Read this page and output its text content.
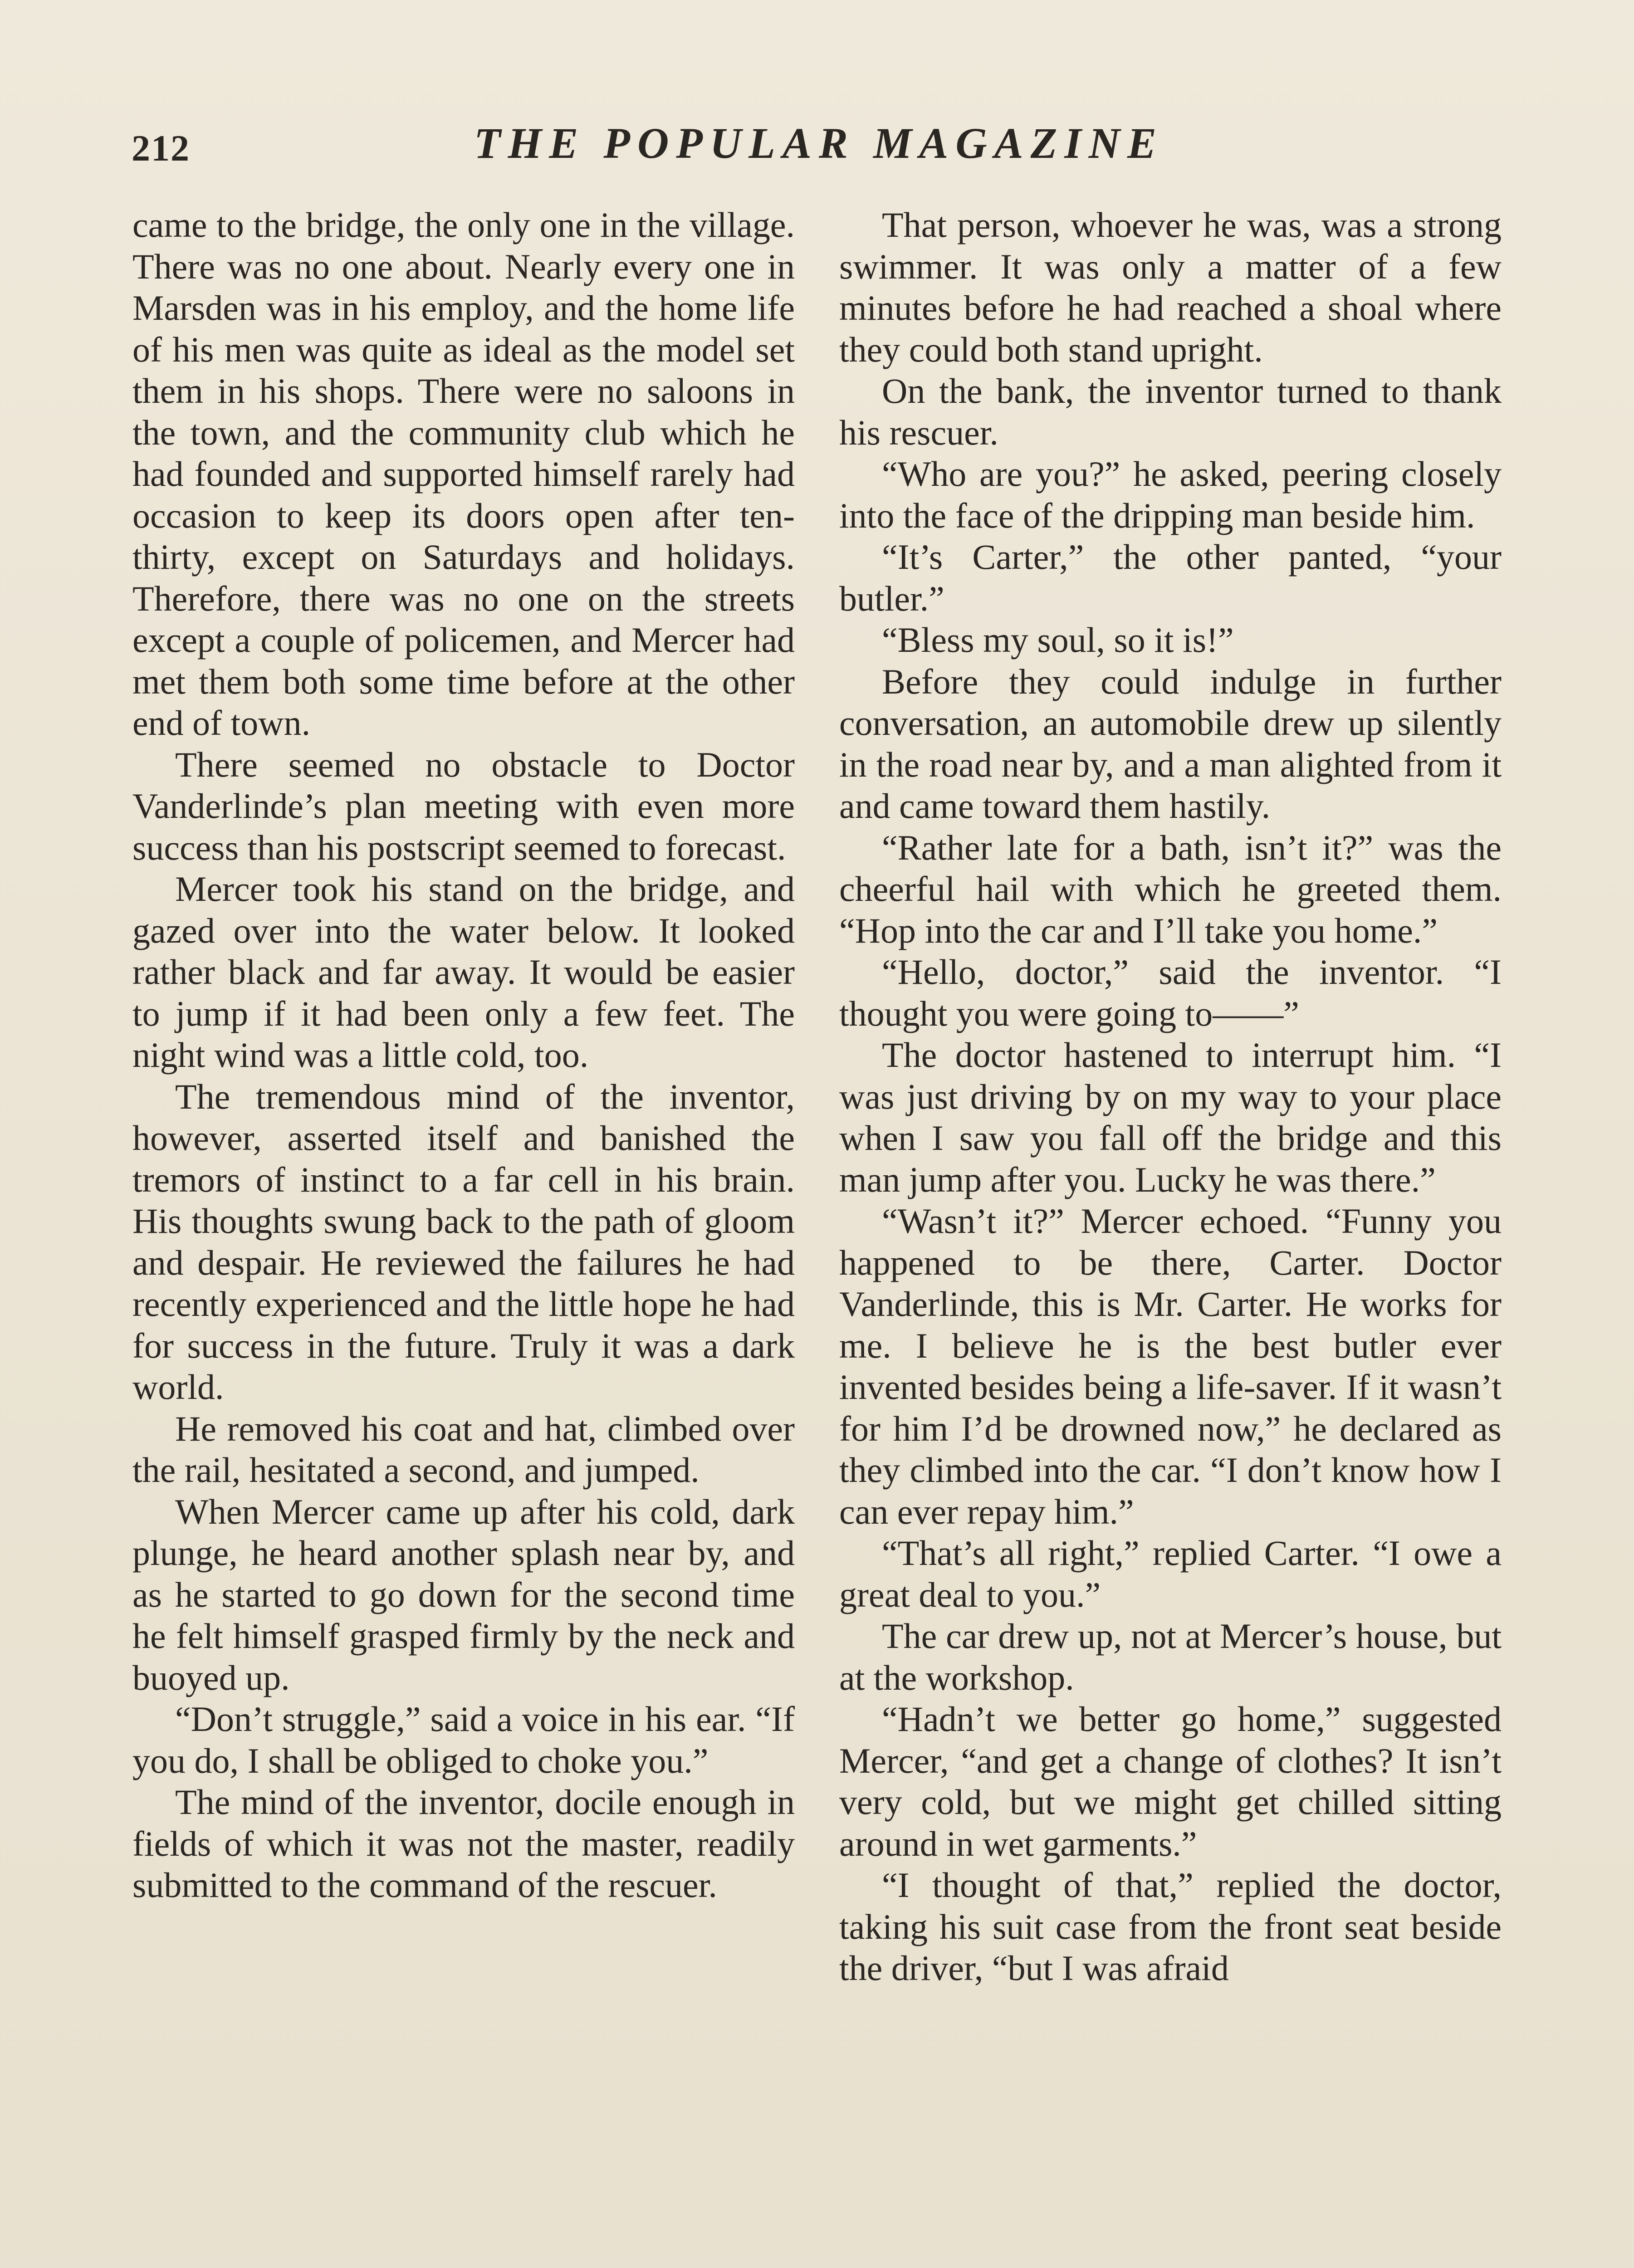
212	THE POPULAR MAGAZINE

came to the bridge, the only one in the village. There was no one about. Nearly every one in Marsden was in his employ, and the home life of his men was quite as ideal as the model set them in his shops. There were no saloons in the town, and the community club which he had founded and supported himself rarely had occasion to keep its doors open after ten-thirty, except on Saturdays and holidays. Therefore, there was no one on the streets except a couple of policemen, and Mercer had met them both some time before at the other end of town.

There seemed no obstacle to Doctor Vanderlinde’s plan meeting with even more success than his postscript seemed to forecast.

Mercer took his stand on the bridge, and gazed over into the water below. It looked rather black and far away. It would be easier to jump if it had been only a few feet. The night wind was a little cold, too.

The tremendous mind of the inventor, however, asserted itself and banished the tremors of instinct to a far cell in his brain. His thoughts swung back to the path of gloom and despair. He reviewed the failures he had recently experienced and the little hope he had for success in the future. Truly it was a dark world.

He removed his coat and hat, climbed over the rail, hesitated a second, and jumped.

When Mercer came up after his cold, dark plunge, he heard another splash near by, and as he started to go down for the second time he felt himself grasped firmly by the neck and buoyed up.

“Don’t struggle,” said a voice in his ear. “If you do, I shall be obliged to choke you.”

The mind of the inventor, docile enough in fields of which it was not the master, readily submitted to the command of the rescuer.

That person, whoever he was, was a strong swimmer. It was only a matter of a few minutes before he had reached a shoal where they could both stand upright.

On the bank, the inventor turned to thank his rescuer.

“Who are you?” he asked, peering closely into the face of the dripping man beside him.

“It’s Carter,” the other panted, “your butler.”

“Bless my soul, so it is!”

Before they could indulge in further conversation, an automobile drew up silently in the road near by, and a man alighted from it and came toward them hastily.

“Rather late for a bath, isn’t it?” was the cheerful hail with which he greeted them. “Hop into the car and I’ll take you home.”

“Hello, doctor,” said the inventor. “I thought you were going to——”

The doctor hastened to interrupt him. “I was just driving by on my way to your place when I saw you fall off the bridge and this man jump after you. Lucky he was there.”

“Wasn’t it?” Mercer echoed. “Funny you happened to be there, Carter. Doctor Vanderlinde, this is Mr. Carter. He works for me. I believe he is the best butler ever invented besides being a life-saver. If it wasn’t for him I’d be drowned now,” he declared as they climbed into the car. “I don’t know how I can ever repay him.”

“That’s all right,” replied Carter. “I owe a great deal to you.”

The car drew up, not at Mercer’s house, but at the workshop.

“Hadn’t we better go home,” suggested Mercer, “and get a change of clothes? It isn’t very cold, but we might get chilled sitting around in wet garments.”

“I thought of that,” replied the doctor, taking his suit case from the front seat beside the driver, “but I was afraid
